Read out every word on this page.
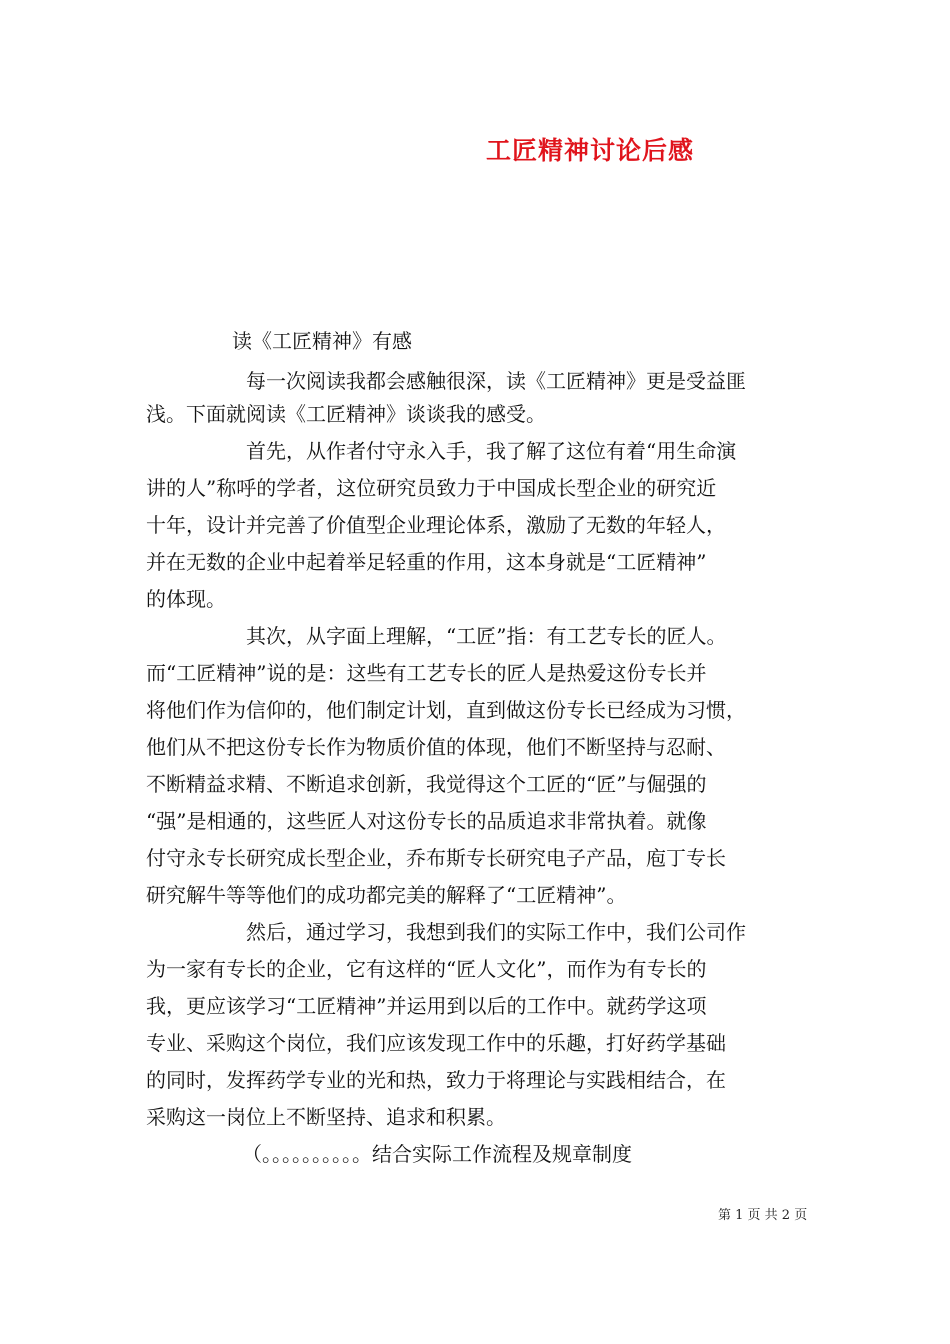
工匠精神讨论后感
读《工匠精神》有感
每一次阅读我都会感触很深，读《工匠精神》更是受益匪
浅。下面就阅读《工匠精神》谈谈我的感受。
首先，从作者付守永入手，我了解了这位有着“用生命演
讲的人”称呼的学者，这位研究员致力于中国成长型企业的研究近
十年，设计并完善了价值型企业理论体系，激励了无数的年轻人，
并在无数的企业中起着举足轻重的作用，这本身就是“工匠精神”
的体现。
其次，从字面上理解，“工匠”指：有工艺专长的匠人。
而“工匠精神”说的是：这些有工艺专长的匠人是热爱这份专长并
将他们作为信仰的，他们制定计划，直到做这份专长已经成为习惯，
他们从不把这份专长作为物质价值的体现，他们不断坚持与忍耐、
不断精益求精、不断追求创新，我觉得这个工匠的“匠”与倔强的
“强”是相通的，这些匠人对这份专长的品质追求非常执着。就像
付守永专长研究成长型企业，乔布斯专长研究电子产品，庖丁专长
研究解牛等等他们的成功都完美的解释了“工匠精神”。
然后，通过学习，我想到我们的实际工作中，我们公司作
为一家有专长的企业，它有这样的“匠人文化”，而作为有专长的
我，更应该学习“工匠精神”并运用到以后的工作中。就药学这项
专业、采购这个岗位，我们应该发现工作中的乐趣，打好药学基础
的同时，发挥药学专业的光和热，致力于将理论与实践相结合，在
采购这一岗位上不断坚持、追求和积累。
（。。。。。。。。。。结合实际工作流程及规章制度
第 1 页 共 2 页
